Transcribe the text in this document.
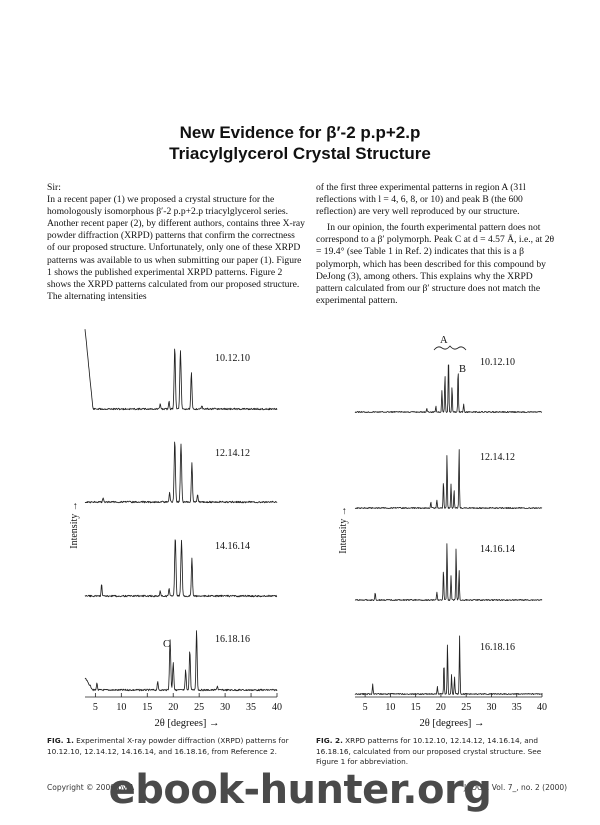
New Evidence for β′-2 p.p+2.p
Triacylglycerol Crystal Structure

Sir:

In a recent paper (1) we proposed a crystal structure for the homologously isomorphous β′-2 p.p+2.p triacylglycerol series. Another recent paper (2), by different authors, contains three X-ray powder diffraction (XRPD) patterns that confirm the correctness of our proposed structure. Unfortunately, only one of these XRPD patterns was available to us when submitting our paper (1). Figure 1 shows the published experimental XRPD patterns. Figure 2 shows the XRPD patterns calculated from our proposed structure. The alternating intensities

of the first three experimental patterns in region A (31l reflections with l = 4, 6, 8, or 10) and peak B (the 600 reflection) are very well reproduced by our structure.

In our opinion, the fourth experimental pattern does not correspond to a β′ polymorph. Peak C at d = 4.57 Å, i.e., at 2θ = 19.4° (see Table 1 in Ref. 2) indicates that this is a β polymorph, which has been described for this compound by DeJong (3), among others. This explains why the XRPD pattern calculated from our β′ structure does not match the experimental pattern.

5 10 15 20 25 30 35 40
2θ [degrees] →
Intensity →
10.12.10
12.14.12
14.16.14
16.18.16
C
5 10 15 20 25 30 35 40
2θ [degrees] →
Intensity →
10.12.10
12.14.12
14.16.14
16.18.16
A
B
FIG. 1. Experimental X-ray powder diffraction (XRPD) patterns for 10.12.10, 12.14.12, 14.16.14, and 16.18.16, from Reference 2.
FIG. 2. XRPD patterns for 10.12.10, 12.14.12, 14.16.14, and 16.18.16, calculated from our proposed crystal structure. See Figure 1 for abbreviation.
Copyright © 2000 by A	JAOCS, Vol. 7_, no. 2 (2000)
ebook-hunter.org
